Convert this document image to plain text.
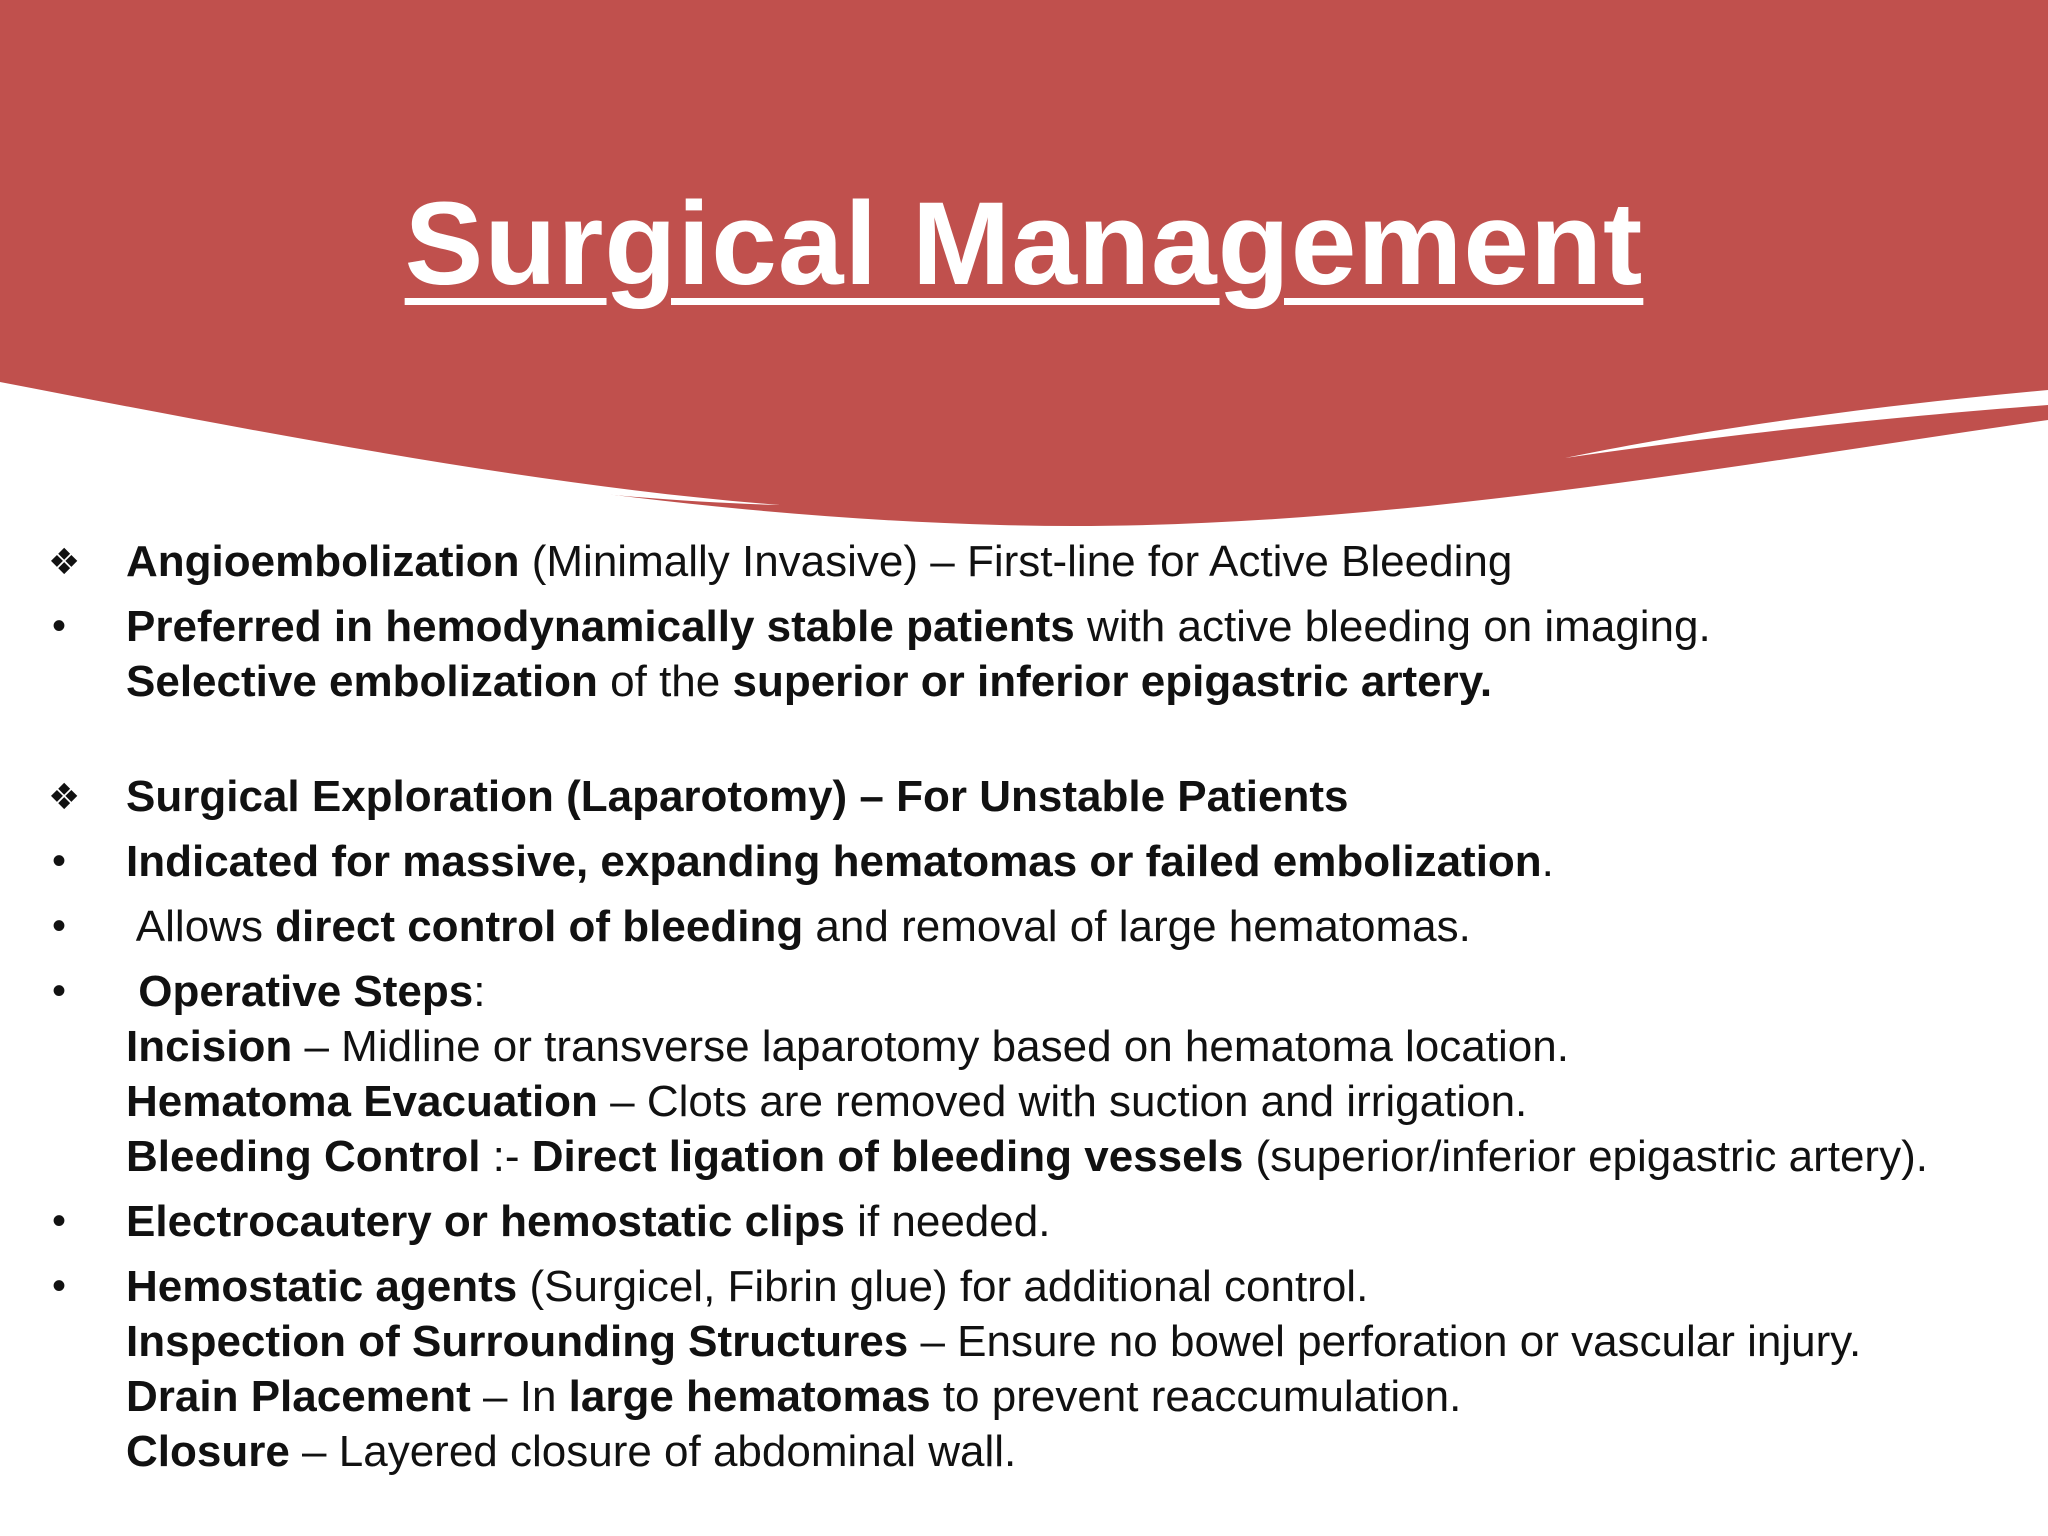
Surgical Management
❖ Angioembolization (Minimally Invasive) – First-line for Active Bleeding
•	Preferred in hemodynamically stable patients with active bleeding on imaging.
Selective embolization of the superior or inferior epigastric artery.
❖ Surgical Exploration (Laparotomy) – For Unstable Patients
•	Indicated for massive, expanding hematomas or failed embolization.
•	Allows direct control of bleeding and removal of large hematomas.
•	Operative Steps:
Incision – Midline or transverse laparotomy based on hematoma location.
Hematoma Evacuation – Clots are removed with suction and irrigation.
Bleeding Control :- Direct ligation of bleeding vessels (superior/inferior epigastric artery).
•	Electrocautery or hemostatic clips if needed.
•	Hemostatic agents (Surgicel, Fibrin glue) for additional control.
Inspection of Surrounding Structures – Ensure no bowel perforation or vascular injury.
Drain Placement – In large hematomas to prevent reaccumulation.
Closure – Layered closure of abdominal wall.
